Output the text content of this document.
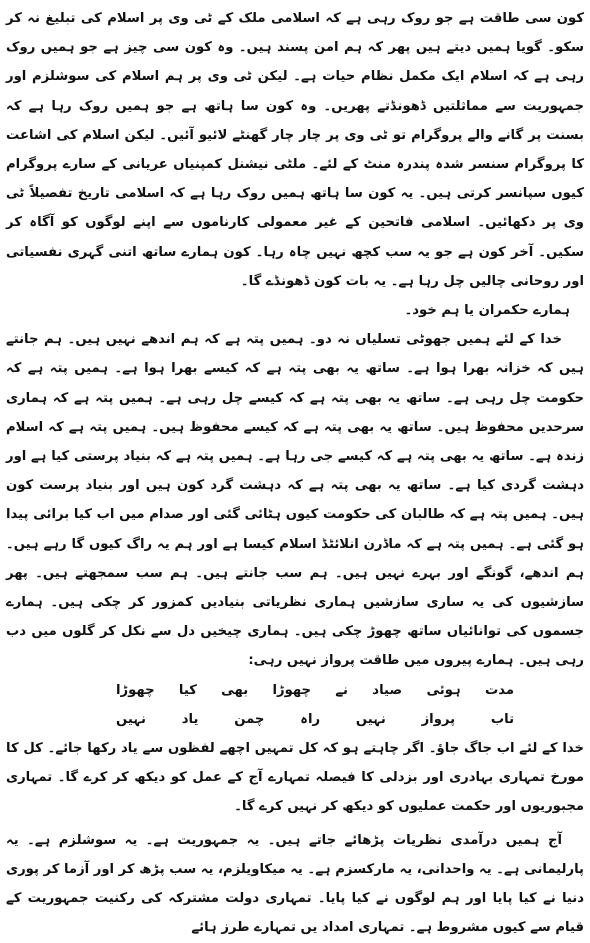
کون سی طاقت ہے جو روک رہی ہے کہ اسلامی ملک کے ٹی وی پر اسلام کی تبلیغ نہ کر سکو۔ گویا ہمیں دیتے ہیں پھر کہ ہم امن پسند ہیں۔ وہ کون سی چیز ہے جو ہمیں روک رہی ہے کہ اسلام ایک مکمل نظام حیات ہے۔ لیکن ٹی وی پر ہم اسلام کی سوشلزم اور جمہوریت سے مماثلتیں ڈھونڈتے پھریں۔ وہ کون سا ہاتھ ہے جو ہمیں روک رہا ہے کہ بسنت پر گانے والے پروگرام تو ٹی وی پر چار چار گھنٹے لائیو آئیں۔ لیکن اسلام کی اشاعت کا پروگرام سنسر شدہ پندرہ منٹ کے لئے۔ ملٹی نیشنل کمپنیاں عریانی کے سارے پروگرام کیوں سپانسر کرتی ہیں۔ یہ کون سا ہاتھ ہمیں روک رہا ہے کہ اسلامی تاریخ تفصیلاً ٹی وی پر دکھائیں۔ اسلامی فاتحین کے غیر معمولی کارناموں سے اپنے لوگوں کو آگاہ کر سکیں۔ آخر کون ہے جو یہ سب کچھ نہیں چاہ رہا۔ کون ہمارے ساتھ اتنی گہری نفسیاتی اور روحانی چالیں چل رہا ہے۔ یہ بات کون ڈھونڈے گا۔

ہمارے حکمران یا ہم خود۔

خدا کے لئے ہمیں جھوٹی تسلیاں نہ دو۔ ہمیں پتہ ہے کہ ہم اندھے نہیں ہیں۔ ہم جانتے ہیں کہ خزانہ بھرا ہوا ہے۔ ساتھ یہ بھی پتہ ہے کہ کیسے بھرا ہوا ہے۔ ہمیں پتہ ہے کہ حکومت چل رہی ہے۔ ساتھ یہ بھی پتہ ہے کہ کیسے چل رہی ہے۔ ہمیں پتہ ہے کہ ہماری سرحدیں محفوظ ہیں۔ ساتھ یہ بھی پتہ ہے کہ کیسے محفوظ ہیں۔ ہمیں پتہ ہے کہ اسلام زندہ ہے۔ ساتھ یہ بھی پتہ ہے کہ کیسے جی رہا ہے۔ ہمیں پتہ ہے کہ بنیاد پرستی کیا ہے اور دہشت گردی کیا ہے۔ ساتھ یہ بھی پتہ ہے کہ دہشت گرد کون ہیں اور بنیاد پرست کون ہیں۔ ہمیں پتہ ہے کہ طالبان کی حکومت کیوں ہٹائی گئی اور صدام میں اب کیا برائی پیدا ہو گئی ہے۔ ہمیں پتہ ہے کہ ماڈرن انلائٹڈ اسلام کیسا ہے اور ہم یہ راگ کیوں گا رہے ہیں۔ ہم اندھے، گونگے اور بہرے نہیں ہیں۔ ہم سب جانتے ہیں۔ ہم سب سمجھتے ہیں۔ پھر سازشیوں کی یہ ساری سازشیں ہماری نظریاتی بنیادیں کمزور کر چکی ہیں۔ ہمارے جسموں کی توانائیاں ساتھ چھوڑ چکی ہیں۔ ہماری چیخیں دل سے نکل کر گلوں میں دب رہی ہیں۔ ہمارے پیروں میں طاقت پرواز نہیں رہی:

مدت ہوئی صیاد نے چھوڑا بھی کیا چھوڑا
تاب پرواز نہیں راہ چمن یاد نہیں

خدا کے لئے اب جاگ جاؤ۔ اگر چاہتے ہو کہ کل تمہیں اچھے لفظوں سے یاد رکھا جائے۔ کل کا مورخ تمہاری بہادری اور بزدلی کا فیصلہ تمہارے آج کے عمل کو دیکھ کر کرے گا۔ تمہاری مجبوریوں اور حکمت عملیوں کو دیکھ کر نہیں کرے گا۔

آج ہمیں درآمدی نظریات پڑھائے جاتے ہیں۔ یہ جمہوریت ہے۔ یہ سوشلزم ہے۔ یہ پارلیمانی ہے۔ یہ واحدانی، یہ مارکسزم ہے۔ یہ میکاویلزم، یہ سب پڑھ کر اور آزما کر پوری دنیا نے کیا پایا اور ہم لوگوں نے کیا پایا۔ تمہاری دولت مشترکہ کی رکنیت جمہوریت کے قیام سے کیوں مشروط ہے۔ تمہاری امداد یں تمہارے طرز ہائے
